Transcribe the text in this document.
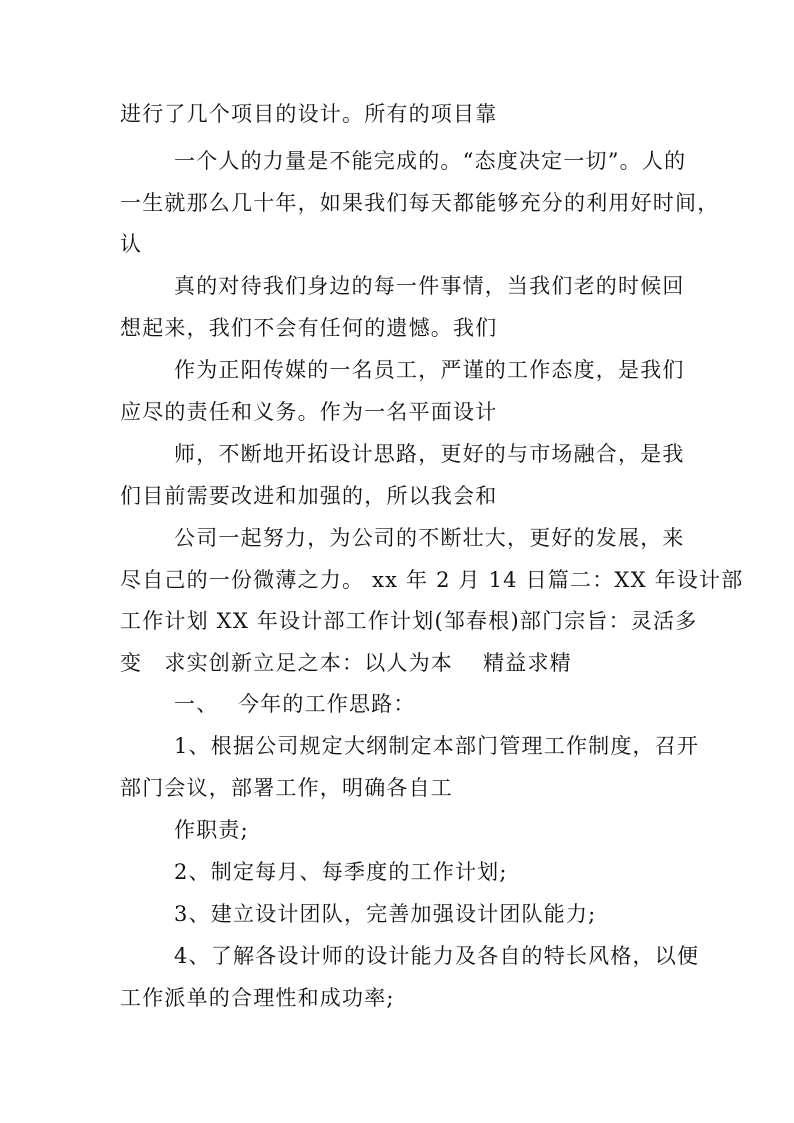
进行了几个项目的设计。所有的项目靠
一个人的力量是不能完成的。“态度决定一切”。人的
一生就那么几十年，如果我们每天都能够充分的利用好时间，
认
真的对待我们身边的每一件事情，当我们老的时候回
想起来，我们不会有任何的遗憾。我们
作为正阳传媒的一名员工，严谨的工作态度，是我们
应尽的责任和义务。作为一名平面设计
师，不断地开拓设计思路，更好的与市场融合，是我
们目前需要改进和加强的，所以我会和
公司一起努力，为公司的不断壮大，更好的发展，来
尽自己的一份微薄之力。 xx 年 2 月 14 日篇二：XX 年设计部
工作计划 XX 年设计部工作计划(邹春根)部门宗旨：灵活多
变　求实创新立足之本：以人为本　 精益求精
一、　 今年的工作思路：
1、根据公司规定大纲制定本部门管理工作制度，召开
部门会议，部署工作，明确各自工
作职责;
2、制定每月、每季度的工作计划;
3、建立设计团队，完善加强设计团队能力;
4、了解各设计师的设计能力及各自的特长风格，以便
工作派单的合理性和成功率;
